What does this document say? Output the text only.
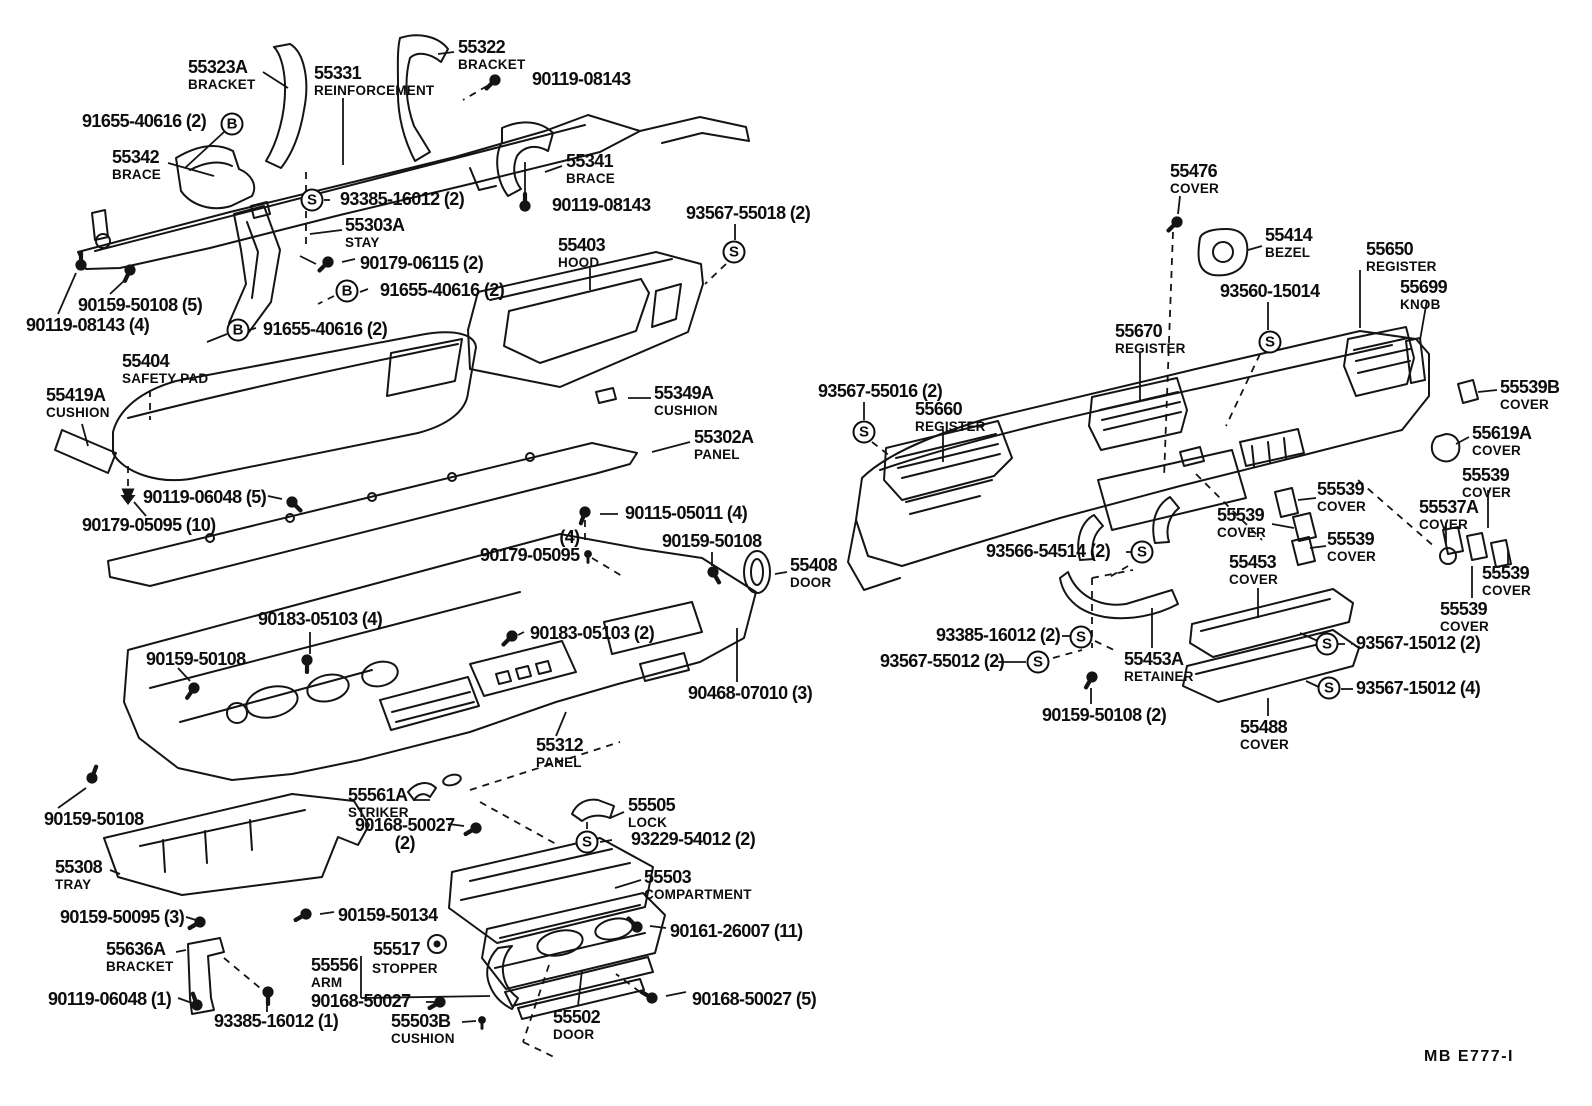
55323A
BRACKET
55331
REINFORCEMENT
55322
BRACKET
90119-08143
91655-40616 (2)
55342
BRACE
55341
BRACE
93385-16012 (2)	90119-08143
55303A
STAY
90179-06115 (2)
91655-40616 (2)
91655-40616 (2)
90159-50108 (5)
90119-08143 (4)
55403
HOOD
93567-55018 (2)
55404
SAFETY PAD
55419A
CUSHION
55349A
CUSHION
55302A
PANEL
90119-06048 (5)
90179-05095 (10)
90115-05011 (4)
(4)
90179-05095
90159-50108
55408
DOOR
90183-05103 (4)
90183-05103 (2)
90159-50108
90468-07010 (3)
55312
PANEL
90159-50108
55561A
STRIKER
90168-50027
(2)
55505
LOCK
93229-54012 (2)
55308
TRAY
90159-50134
90159-50095 (3)
55503
COMPARTMENT
90161-26007 (11)
55636A
BRACKET
55517
55556 STOPPER
ARM
90168-50027
90119-06048 (1)
93385-16012 (1)	55503B
CUSHION
55502
DOOR
90168-50027 (5)
55476
COVER
55414
BEZEL	55650
REGISTER
55699
KNOB
93560-15014
55670
REGISTER
93567-55016 (2)
55660
REGISTER
55539B
COVER
55619A
COVER
55539
COVER
55539
COVER	55539
COVER
55453
COVER
55539
COVER
55537A
COVER
55539
COVER
55539
COVER
93566-54514 (2)
93385-16012 (2)
93567-55012 (2)	55453A
RETAINER
93567-15012 (2)
93567-15012 (4)
90159-50108 (2)
55488
COVER
B
S
B
B
S
S
S
S
S
S
S
S
S
MB E777-I
